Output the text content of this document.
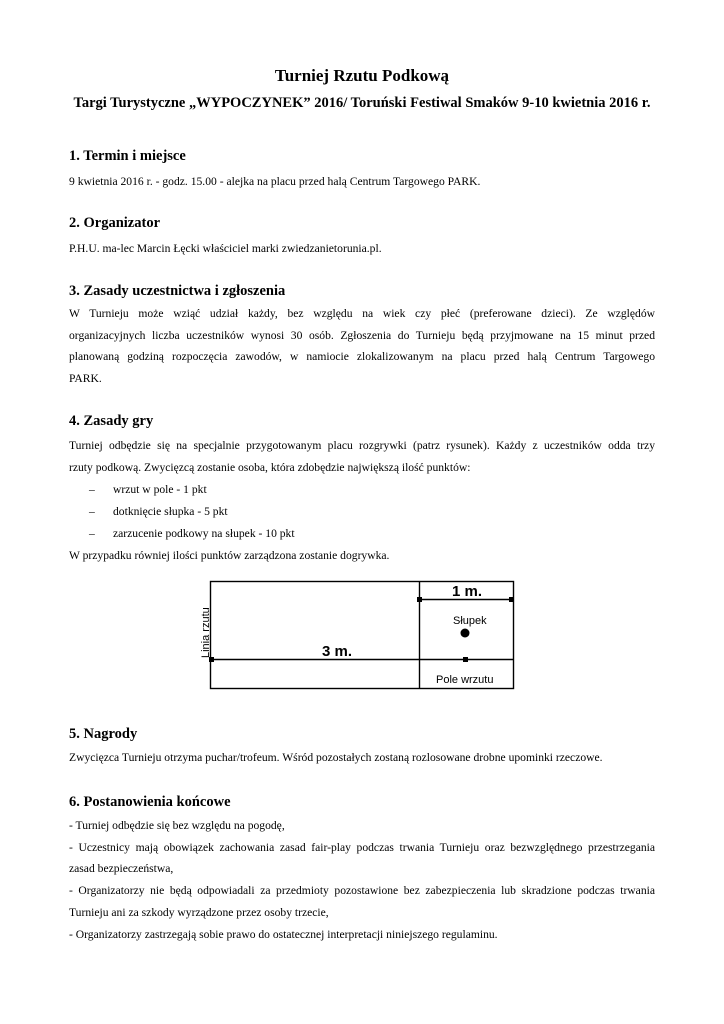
Turniej Rzutu Podkową
Targi Turystyczne „WYPOCZYNEK” 2016/ Toruński Festiwal Smaków 9-10 kwietnia 2016 r.
1. Termin i miejsce

9 kwietnia 2016 r. - godz. 15.00 - alejka na placu przed halą Centrum Targowego PARK.

2. Organizator

P.H.U. ma-lec Marcin Łęcki właściciel marki zwiedzanietorunia.pl.

3. Zasady uczestnictwa i zgłoszenia
W Turnieju może wziąć udział każdy, bez względu na wiek czy płeć (preferowane dzieci). Ze względów
organizacyjnych liczba uczestników wynosi 30 osób. Zgłoszenia do Turnieju będą przyjmowane na 15 minut przed
planowaną godziną rozpoczęcia zawodów, w namiocie zlokalizowanym na placu przed halą Centrum Targowego
PARK.
4. Zasady gry
Turniej odbędzie się na specjalnie przygotowanym placu rozgrywki (patrz rysunek). Każdy z uczestników odda trzy
rzuty podkową. Zwycięzcą zostanie osoba, która zdobędzie największą ilość punktów:
– wrzut w pole - 1 pkt
– dotknięcie słupka - 5 pkt
– zarzucenie podkowy na słupek - 10 pkt

W przypadku równiej ilości punktów zarządzona zostanie dogrywka.

Linia rzutu	3 m.
1 m.
Słupek
Pole wrzutu
5. Nagrody

Zwycięzca Turnieju otrzyma puchar/trofeum. Wśród pozostałych zostaną rozlosowane drobne upominki rzeczowe.

6. Postanowienia końcowe
- Turniej odbędzie się bez względu na pogodę,
- Uczestnicy mają obowiązek zachowania zasad fair-play podczas trwania Turnieju oraz bezwzględnego przestrzegania
zasad bezpieczeństwa,
- Organizatorzy nie będą odpowiadali za przedmioty pozostawione bez zabezpieczenia lub skradzione podczas trwania
Turnieju ani za szkody wyrządzone przez osoby trzecie,
- Organizatorzy zastrzegają sobie prawo do ostatecznej interpretacji niniejszego regulaminu.
